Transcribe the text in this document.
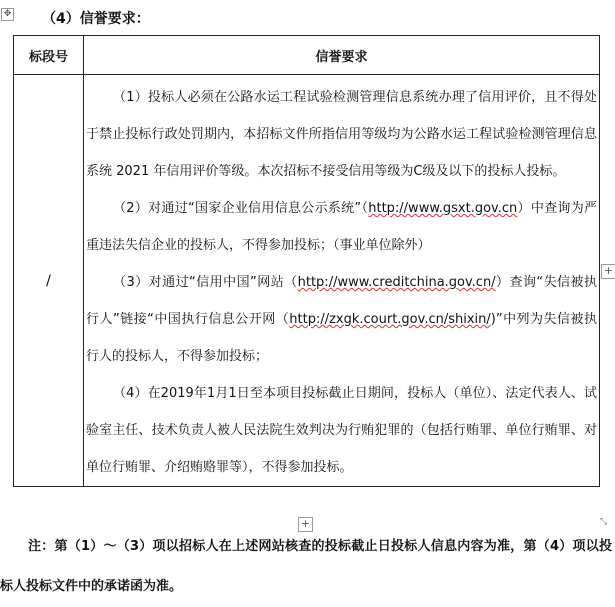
✥ （4）信誉要求：
标段号	信誉要求
/	（1）投标人必须在公路水运工程试验检测管理信息系统办理了信用评价，且不得处于禁止投标行政处罚期内，本招标文件所指信用等级均为公路水运工程试验检测管理信息系统 2021 年信用评价等级。本次招标不接受信用等级为C级及以下的投标人投标。

（2）对通过“国家企业信用信息公示系统”（http://www.gsxt.gov.cn）中查询为严重违法失信企业的投标人，不得参加投标；（事业单位除外）

（3）对通过“信用中国”网站（http://www.creditchina.gov.cn/）查询“失信被执行人”链接“中国执行信息公开网（http://zxgk.court.gov.cn/shixin/)”中列为失信被执行人的投标人，不得参加投标；

（4）在2019年1月1日至本项目投标截止日期间，投标人（单位）、法定代表人、试验室主任、技术负责人被人民法院生效判决为行贿犯罪的（包括行贿罪、单位行贿罪、对单位行贿罪、介绍贿赂罪等），不得参加投标。

+
+	⤡
注：第（1）～（3）项以招标人在上述网站核查的投标截止日投标人信息内容为准，第（4）项以投标人投标文件中的承诺函为准。
